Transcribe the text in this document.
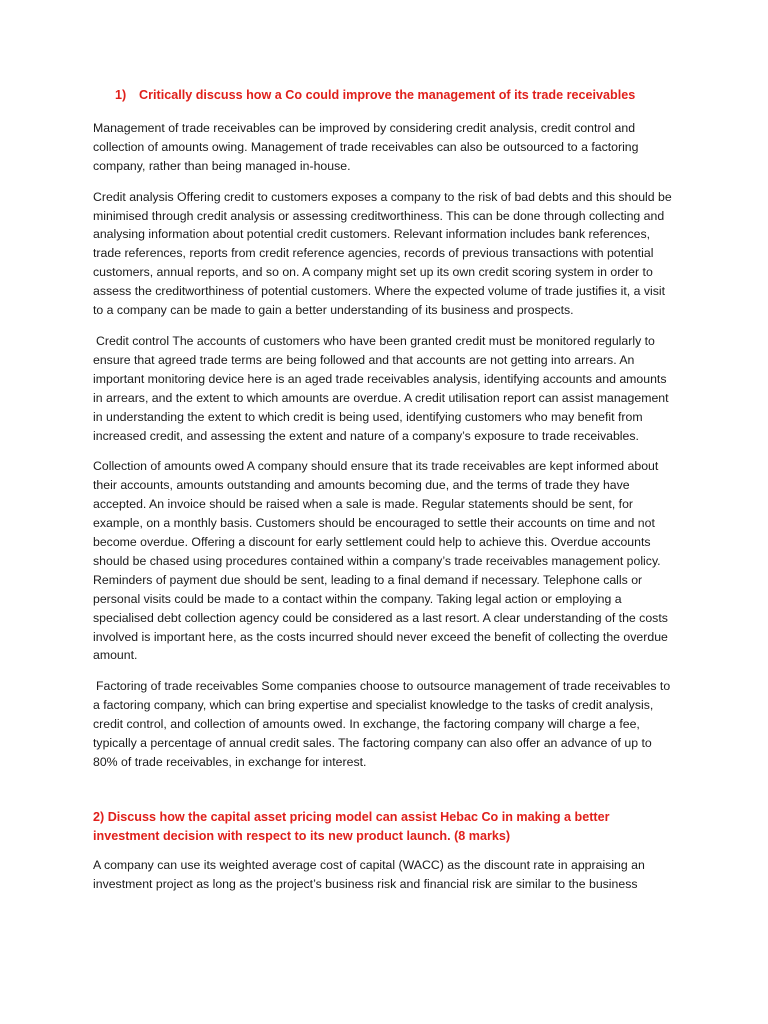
1) Critically discuss how a Co could improve the management of its trade receivables

Management of trade receivables can be improved by considering credit analysis, credit control and collection of amounts owing. Management of trade receivables can also be outsourced to a factoring company, rather than being managed in-house.

Credit analysis Offering credit to customers exposes a company to the risk of bad debts and this should be minimised through credit analysis or assessing creditworthiness. This can be done through collecting and analysing information about potential credit customers. Relevant information includes bank references, trade references, reports from credit reference agencies, records of previous transactions with potential customers, annual reports, and so on. A company might set up its own credit scoring system in order to assess the creditworthiness of potential customers. Where the expected volume of trade justifies it, a visit to a company can be made to gain a better understanding of its business and prospects.

Credit control The accounts of customers who have been granted credit must be monitored regularly to ensure that agreed trade terms are being followed and that accounts are not getting into arrears. An important monitoring device here is an aged trade receivables analysis, identifying accounts and amounts in arrears, and the extent to which amounts are overdue. A credit utilisation report can assist management in understanding the extent to which credit is being used, identifying customers who may benefit from increased credit, and assessing the extent and nature of a company’s exposure to trade receivables.

Collection of amounts owed A company should ensure that its trade receivables are kept informed about their accounts, amounts outstanding and amounts becoming due, and the terms of trade they have accepted. An invoice should be raised when a sale is made. Regular statements should be sent, for example, on a monthly basis. Customers should be encouraged to settle their accounts on time and not become overdue. Offering a discount for early settlement could help to achieve this. Overdue accounts should be chased using procedures contained within a company’s trade receivables management policy. Reminders of payment due should be sent, leading to a final demand if necessary. Telephone calls or personal visits could be made to a contact within the company. Taking legal action or employing a specialised debt collection agency could be considered as a last resort. A clear understanding of the costs involved is important here, as the costs incurred should never exceed the benefit of collecting the overdue amount.

Factoring of trade receivables Some companies choose to outsource management of trade receivables to a factoring company, which can bring expertise and specialist knowledge to the tasks of credit analysis, credit control, and collection of amounts owed. In exchange, the factoring company will charge a fee, typically a percentage of annual credit sales. The factoring company can also offer an advance of up to 80% of trade receivables, in exchange for interest.

2) Discuss how the capital asset pricing model can assist Hebac Co in making a better investment decision with respect to its new product launch. (8 marks)

A company can use its weighted average cost of capital (WACC) as the discount rate in appraising an investment project as long as the project’s business risk and financial risk are similar to the business
